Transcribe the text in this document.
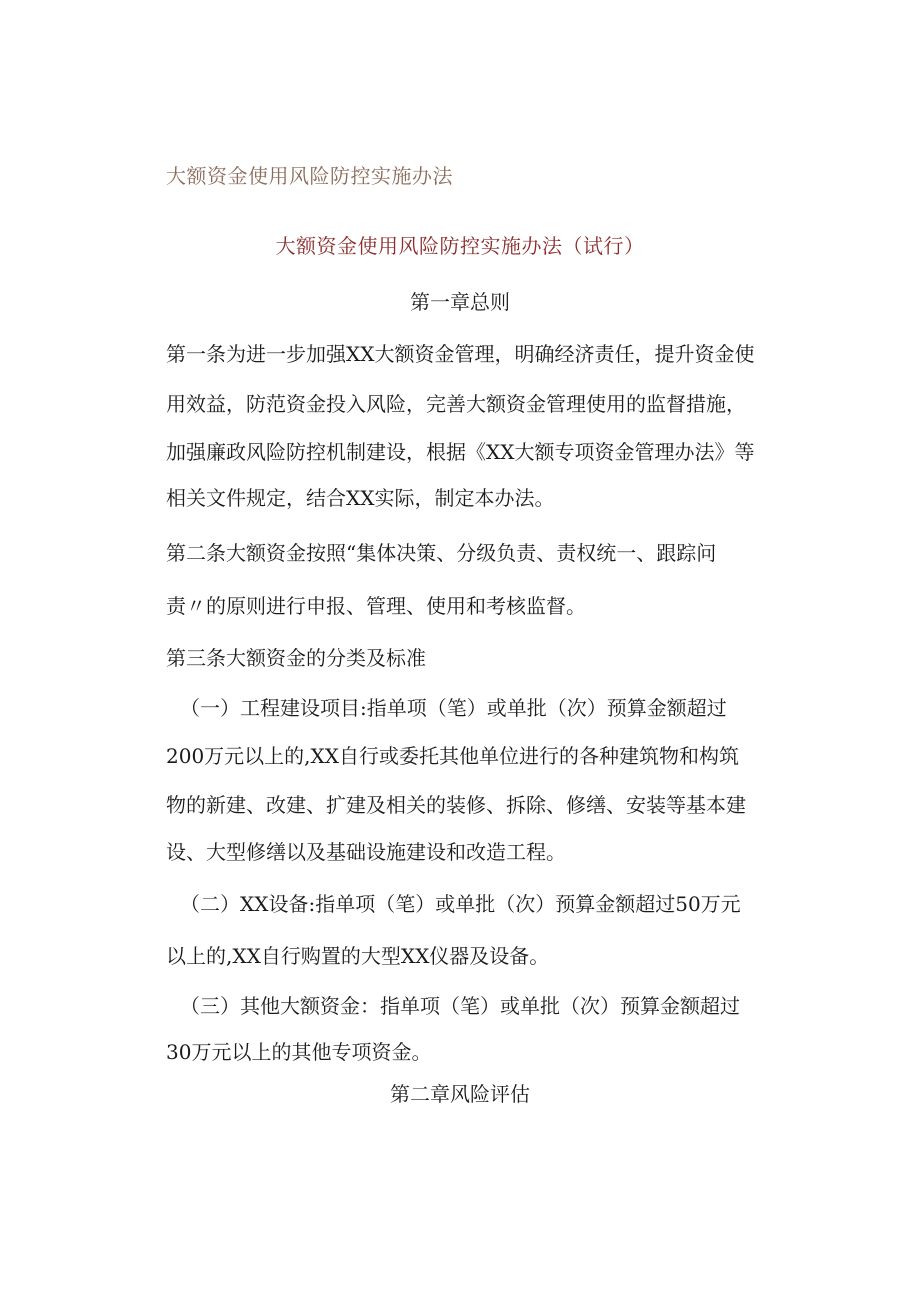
大额资金使用风险防控实施办法
大额资金使用风险防控实施办法（试行）
第一章总则
第一条为进一步加强XX大额资金管理，明确经济责任，提升资金使
用效益，防范资金投入风险，完善大额资金管理使用的监督措施，
加强廉政风险防控机制建设，根据《XX大额专项资金管理办法》等
相关文件规定，结合XX实际，制定本办法。
第二条大额资金按照“集体决策、分级负责、责权统一、跟踪问
责〃的原则进行申报、管理、使用和考核监督。
第三条大额资金的分类及标准
（一）工程建设项目:指单项（笔）或单批（次）预算金额超过
200万元以上的,XX自行或委托其他单位进行的各种建筑物和构筑
物的新建、改建、扩建及相关的装修、拆除、修缮、安装等基本建
设、大型修缮以及基础设施建设和改造工程。
（二）XX设备:指单项（笔）或单批（次）预算金额超过50万元
以上的,XX自行购置的大型XX仪器及设备。
（三）其他大额资金：指单项（笔）或单批（次）预算金额超过
30万元以上的其他专项资金。
第二章风险评估
